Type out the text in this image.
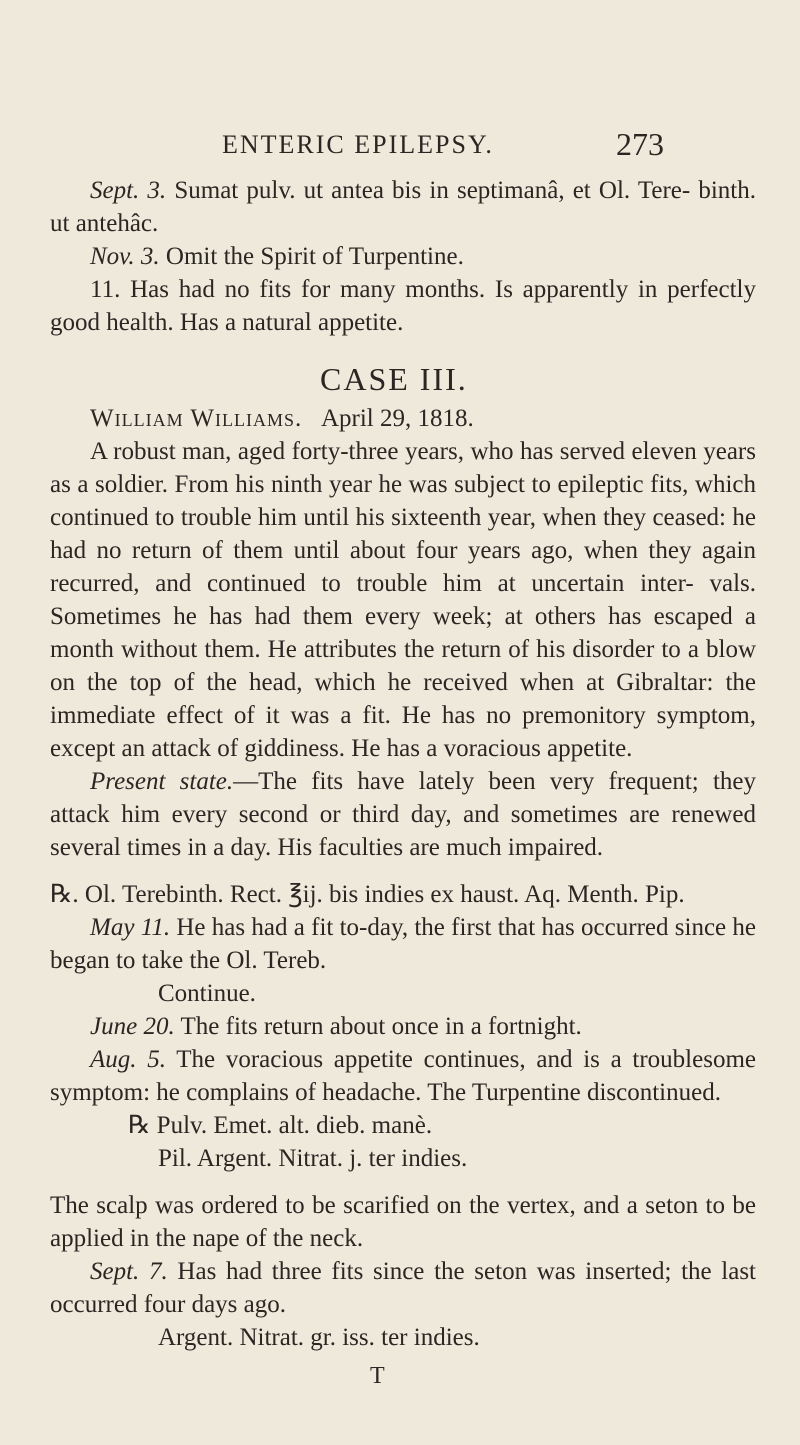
ENTERIC EPILEPSY.	273

Sept. 3. Sumat pulv. ut antea bis in septimanâ, et Ol. Tere- binth. ut antehâc.

Nov. 3. Omit the Spirit of Turpentine.

11. Has had no fits for many months. Is apparently in perfectly good health. Has a natural appetite.

CASE III.

William Williams. April 29, 1818.

A robust man, aged forty-three years, who has served eleven years as a soldier. From his ninth year he was subject to epileptic fits, which continued to trouble him until his sixteenth year, when they ceased: he had no return of them until about four years ago, when they again recurred, and continued to trouble him at uncertain inter- vals. Sometimes he has had them every week; at others has escaped a month without them. He attributes the return of his disorder to a blow on the top of the head, which he received when at Gibraltar: the immediate effect of it was a fit. He has no premonitory symptom, except an attack of giddiness. He has a voracious appetite.

Present state.—The fits have lately been very frequent; they attack him every second or third day, and sometimes are renewed several times in a day. His faculties are much impaired.

℞. Ol. Terebinth. Rect. ℥ij. bis indies ex haust. Aq. Menth. Pip.

May 11. He has had a fit to-day, the first that has occurred since he began to take the Ol. Tereb.

Continue.

June 20. The fits return about once in a fortnight.

Aug. 5. The voracious appetite continues, and is a troublesome symptom: he complains of headache. The Turpentine discontinued.

℞ Pulv. Emet. alt. dieb. manè.

Pil. Argent. Nitrat. j. ter indies.

The scalp was ordered to be scarified on the vertex, and a seton to be applied in the nape of the neck.

Sept. 7. Has had three fits since the seton was inserted; the last occurred four days ago.

Argent. Nitrat. gr. iss. ter indies.

T
